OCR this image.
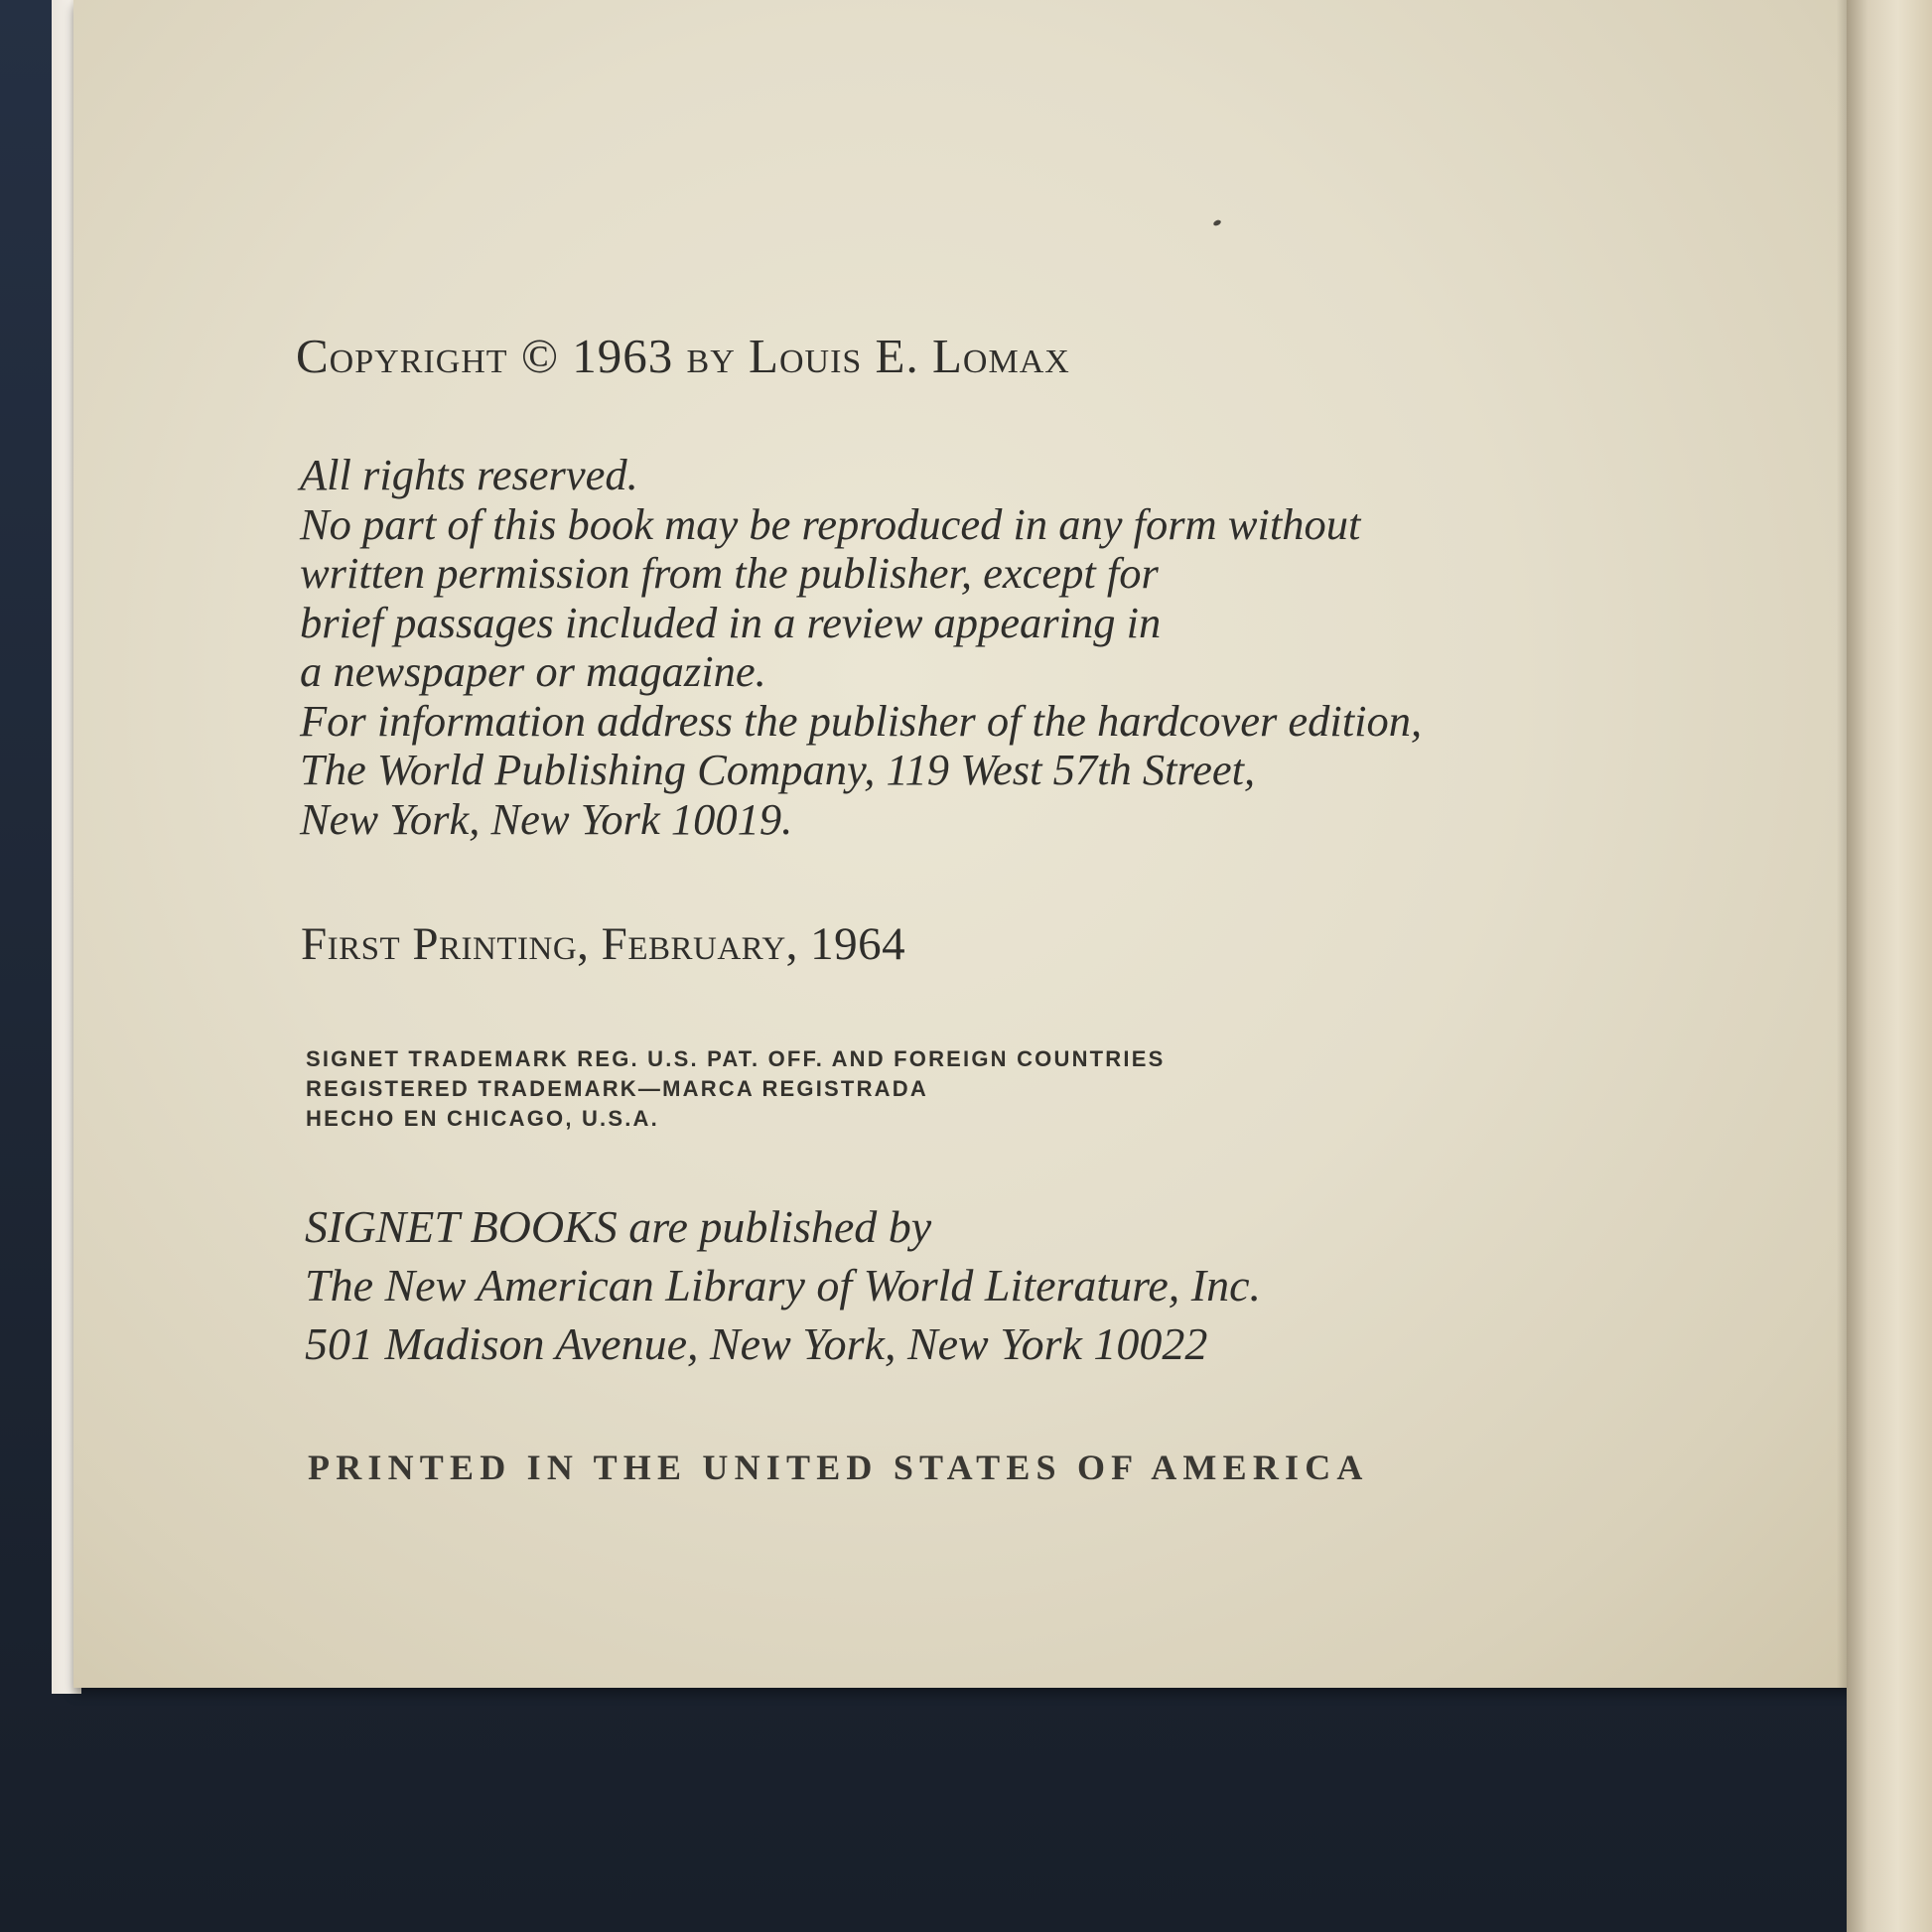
Copyright © 1963 by Louis E. Lomax
All rights reserved.
No part of this book may be reproduced in any form without
written permission from the publisher, except for
brief passages included in a review appearing in
a newspaper or magazine.
For information address the publisher of the hardcover edition,
The World Publishing Company, 119 West 57th Street,
New York, New York 10019.
First Printing, February, 1964
SIGNET TRADEMARK REG. U.S. PAT. OFF. AND FOREIGN COUNTRIES
REGISTERED TRADEMARK—MARCA REGISTRADA
HECHO EN CHICAGO, U.S.A.
SIGNET BOOKS are published by
The New American Library of World Literature, Inc.
501 Madison Avenue, New York, New York 10022
PRINTED IN THE UNITED STATES OF AMERICA
